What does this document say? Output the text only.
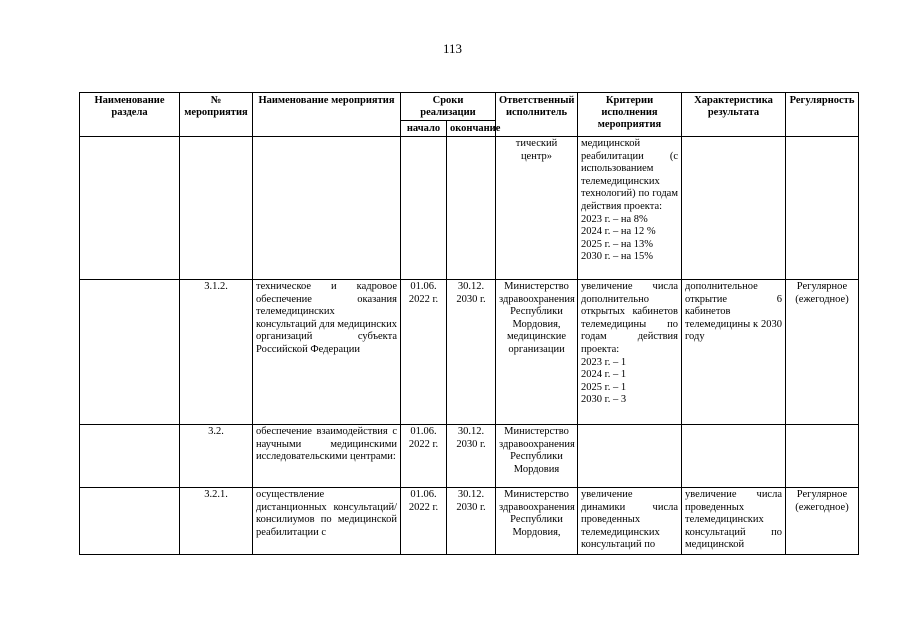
113
Наименование раздела	№ мероприятия	Наименование мероприятия	Сроки реализации		Ответственный исполнитель	Критерии исполнения мероприятия	Характеристика результата	Регулярность
			начало	окончание				
					тический центр»	медицинской реабилитации (с использованием телемедицинских технологий) по годам действия проекта:
2023 г. – на 8%
2024 г. – на 12 %
2025 г. – на 13%
2030 г. – на 15%		
	3.1.2.	техническое и кадровое обеспечение оказания телемедицинских консультаций для медицинских организаций субъекта Российской Федерации	01.06. 2022 г.	30.12. 2030 г.	Министерство здравоохранения Республики Мордовия, медицинские организации	увеличение числа дополнительно открытых кабинетов телемедицины по годам действия проекта:
2023 г. – 1
2024 г. – 1
2025 г. – 1
2030 г. – 3	дополнительное открытие 6 кабинетов телемедицины к 2030 году	Регулярное (ежегодное)
	3.2.	обеспечение взаимодействия с научными медицинскими исследовательскими центрами:	01.06. 2022 г.	30.12. 2030 г.	Министерство здравоохранения Республики Мордовия			
	3.2.1.	осуществление дистанционных консультаций/консилиумов по медицинской реабилитации с	01.06. 2022 г.	30.12. 2030 г.	Министерство здравоохранения Республики Мордовия,	увеличение динамики числа проведенных телемедицинских консультаций по	увеличение числа проведенных телемедицинских консультаций по медицинской	Регулярное (ежегодное)
